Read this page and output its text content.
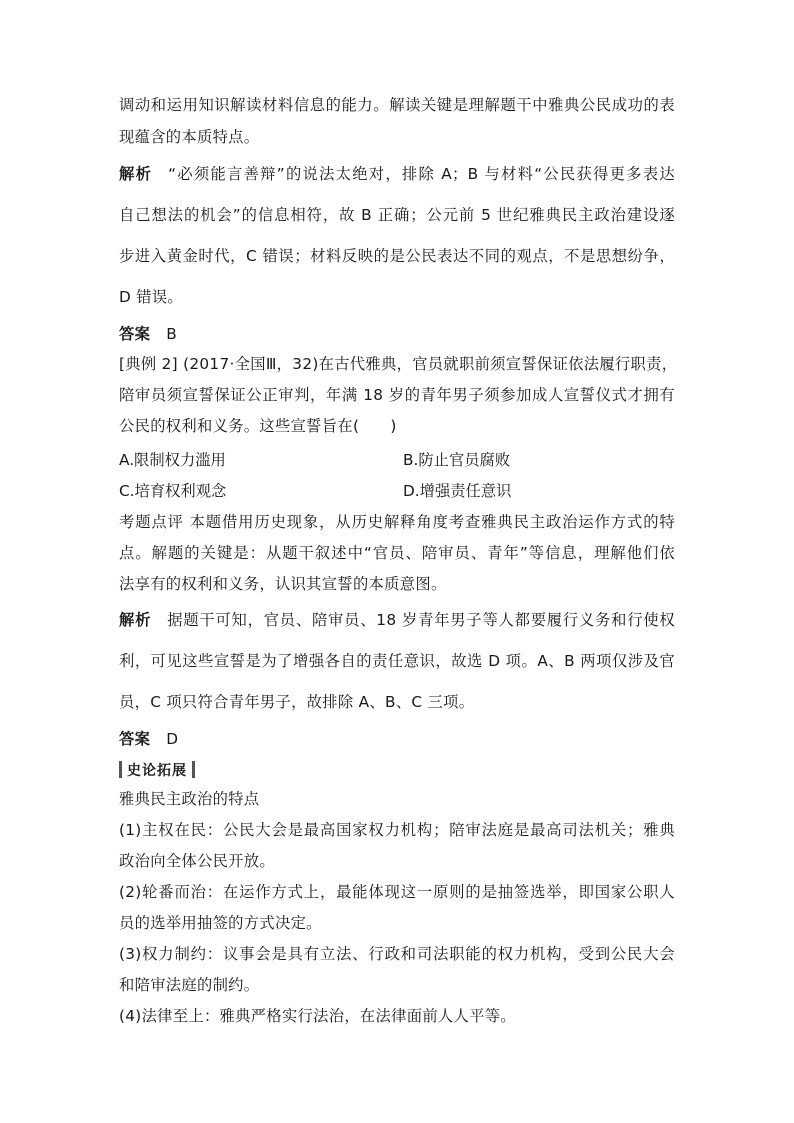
调动和运用知识解读材料信息的能力。解读关键是理解题干中雅典公民成功的表
现蕴含的本质特点。
解析 “必须能言善辩”的说法太绝对，排除 A；B 与材料“公民获得更多表达
自己想法的机会”的信息相符，故 B 正确；公元前 5 世纪雅典民主政治建设逐
步进入黄金时代，C 错误；材料反映的是公民表达不同的观点，不是思想纷争，
D 错误。
答案 B
[典例 2] (2017·全国Ⅲ，32)在古代雅典，官员就职前须宣誓保证依法履行职责，
陪审员须宣誓保证公正审判，年满 18 岁的青年男子须参加成人宣誓仪式才拥有
公民的权利和义务。这些宣誓旨在(　　)
A.限制权力滥用	B.防止官员腐败
C.培育权利观念	D.增强责任意识
考题点评 本题借用历史现象，从历史解释角度考查雅典民主政治运作方式的特
点。解题的关键是：从题干叙述中“官员、陪审员、青年”等信息，理解他们依
法享有的权利和义务，认识其宣誓的本质意图。
解析 据题干可知，官员、陪审员、18 岁青年男子等人都要履行义务和行使权
利，可见这些宣誓是为了增强各自的责任意识，故选 D 项。A、B 两项仅涉及官
员，C 项只符合青年男子，故排除 A、B、C 三项。
答案 D
史论拓展
雅典民主政治的特点
(1)主权在民：公民大会是最高国家权力机构；陪审法庭是最高司法机关；雅典
政治向全体公民开放。
(2)轮番而治：在运作方式上，最能体现这一原则的是抽签选举，即国家公职人
员的选举用抽签的方式决定。
(3)权力制约：议事会是具有立法、行政和司法职能的权力机构，受到公民大会
和陪审法庭的制约。
(4)法律至上：雅典严格实行法治，在法律面前人人平等。
